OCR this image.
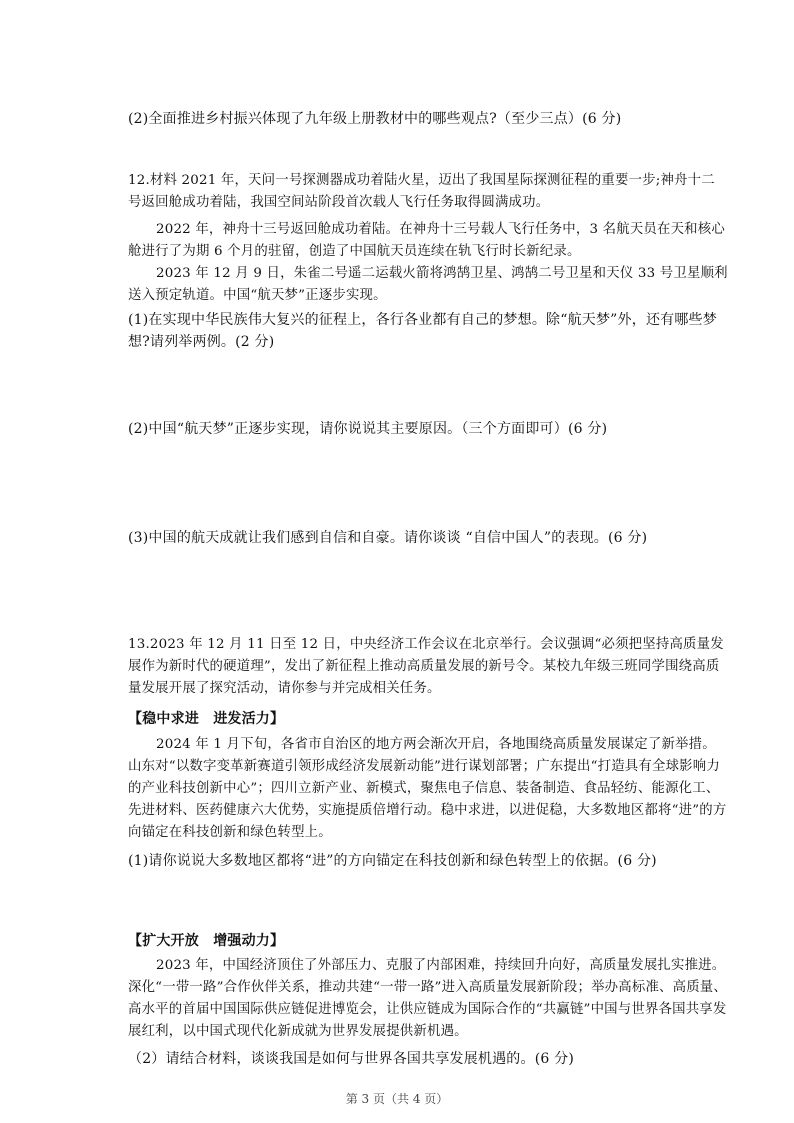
(2)全面推进乡村振兴体现了九年级上册教材中的哪些观点?（至少三点）(6 分)

12.材料 2021 年，天问一号探测器成功着陆火星，迈出了我国星际探测征程的重要一步;神舟十二号返回舱成功着陆，我国空间站阶段首次载人飞行任务取得圆满成功。

2022 年，神舟十三号返回舱成功着陆。在神舟十三号载人飞行任务中，3 名航天员在天和核心舱进行了为期 6 个月的驻留，创造了中国航天员连续在轨飞行时长新纪录。

2023 年 12 月 9 日，朱雀二号遥二运载火箭将鸿鹄卫星、鸿鹄二号卫星和天仪 33 号卫星顺利送入预定轨道。中国“航天梦”正逐步实现。

(1)在实现中华民族伟大复兴的征程上，各行各业都有自己的梦想。除“航天梦”外，还有哪些梦想?请列举两例。(2 分)

(2)中国“航天梦”正逐步实现，请你说说其主要原因。（三个方面即可）(6 分)

(3)中国的航天成就让我们感到自信和自豪。请你谈谈 “自信中国人”的表现。(6 分)

13.2023 年 12 月 11 日至 12 日，中央经济工作会议在北京举行。会议强调“必须把坚持高质量发展作为新时代的硬道理”，发出了新征程上推动高质量发展的新号令。某校九年级三班同学围绕高质量发展开展了探究活动，请你参与并完成相关任务。

【稳中求进　进发活力】

2024 年 1 月下旬，各省市自治区的地方两会渐次开启，各地围绕高质量发展谋定了新举措。山东对“以数字变革新赛道引领形成经济发展新动能”进行谋划部署；广东提出“打造具有全球影响力的产业科技创新中心”；四川立新产业、新模式，聚焦电子信息、装备制造、食品轻纺、能源化工、先进材料、医药健康六大优势，实施提质倍增行动。稳中求进，以进促稳，大多数地区都将“进”的方向锚定在科技创新和绿色转型上。

(1)请你说说大多数地区都将“进”的方向锚定在科技创新和绿色转型上的依据。(6 分)

【扩大开放　增强动力】

2023 年，中国经济顶住了外部压力、克服了内部困难，持续回升向好，高质量发展扎实推进。深化“一带一路”合作伙伴关系，推动共建“一带一路”进入高质量发展新阶段；举办高标准、高质量、高水平的首届中国国际供应链促进博览会，让供应链成为国际合作的“共赢链”中国与世界各国共享发展红利，以中国式现代化新成就为世界发展提供新机遇。

（2）请结合材料，谈谈我国是如何与世界各国共享发展机遇的。(6 分)

第 3 页（共 4 页）
